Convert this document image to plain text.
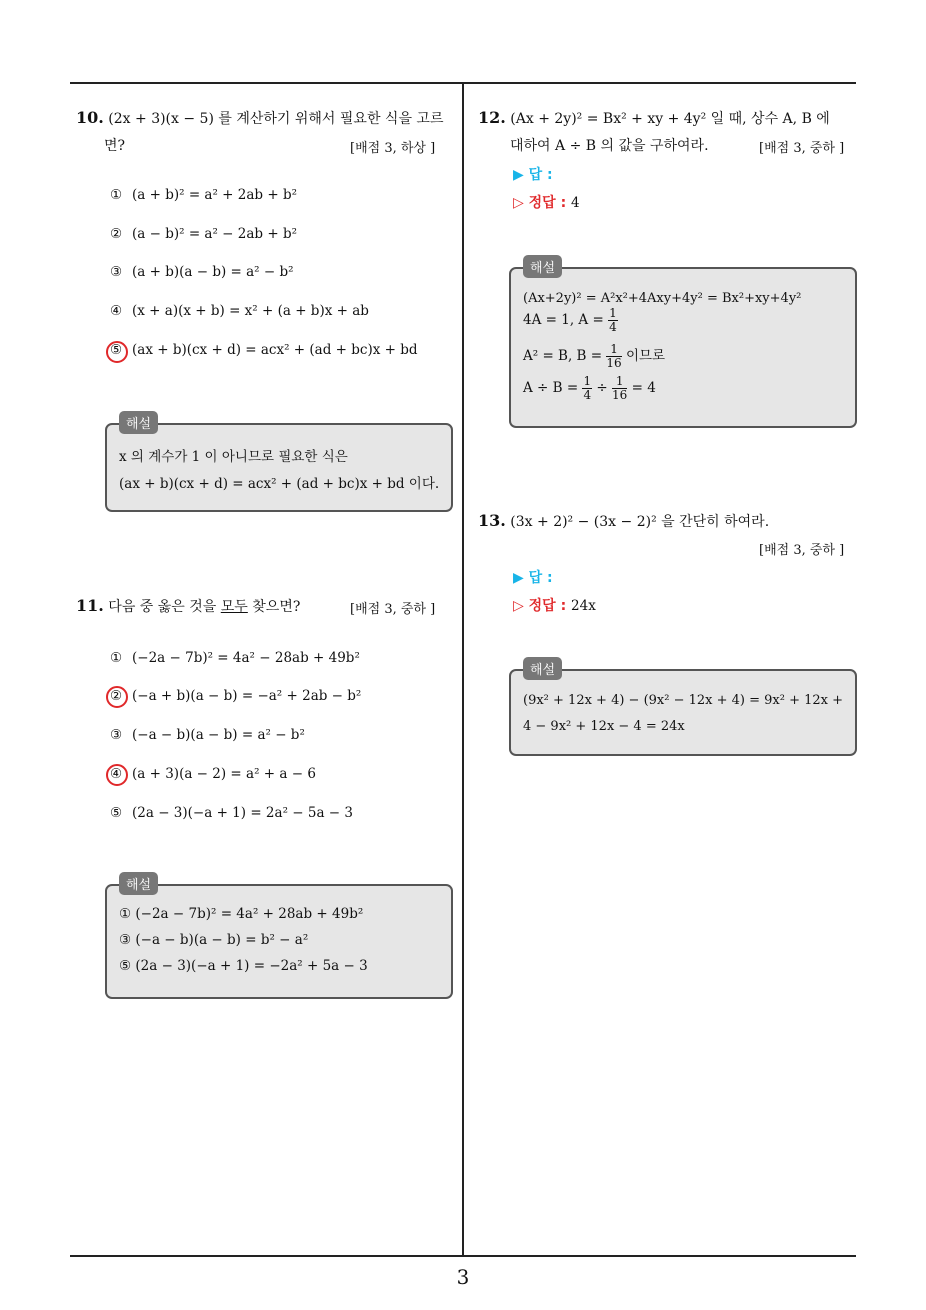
10. (2x + 3)(x − 5) 를 계산하기 위해서 필요한 식을 고르
면?	[배점 3, 하상 ]
① (a + b)² = a² + 2ab + b²
② (a − b)² = a² − 2ab + b²
③ (a + b)(a − b) = a² − b²
④ (x + a)(x + b) = x² + (a + b)x + ab
⑤ (ax + b)(cx + d) = acx² + (ad + bc)x + bd
x 의 계수가 1 이 아니므로 필요한 식은
(ax + b)(cx + d) = acx² + (ad + bc)x + bd 이다.
해설
11. 다음 중 옳은 것을 모두 찾으면?	[배점 3, 중하 ]
① (−2a − 7b)² = 4a² − 28ab + 49b²
② (−a + b)(a − b) = −a² + 2ab − b²
③ (−a − b)(a − b) = a² − b²
④ (a + 3)(a − 2) = a² + a − 6
⑤ (2a − 3)(−a + 1) = 2a² − 5a − 3
① (−2a − 7b)² = 4a² + 28ab + 49b²
③ (−a − b)(a − b) = b² − a²
⑤ (2a − 3)(−a + 1) = −2a² + 5a − 3
해설
12. (Ax + 2y)² = Bx² + xy + 4y² 일 때, 상수 A, B 에
대하여 A ÷ B 의 값을 구하여라.	[배점 3, 중하 ]
▶ 답 :
▷ 정답 : 4
(Ax+2y)² = A²x²+4Axy+4y² = Bx²+xy+4y²
4A = 1, $A = \frac{1}{4}$
A² = B, $B = \frac{1}{16}$ 이므로
$A \div B = \frac{1}{4} \div \frac{1}{16} = 4$
해설
13. (3x + 2)² − (3x − 2)² 을 간단히 하여라.
[배점 3, 중하 ]
▶ 답 :
▷ 정답 : 24x
(9x² + 12x + 4) − (9x² − 12x + 4) = 9x² + 12x +
4 − 9x² + 12x − 4 = 24x
해설
3
